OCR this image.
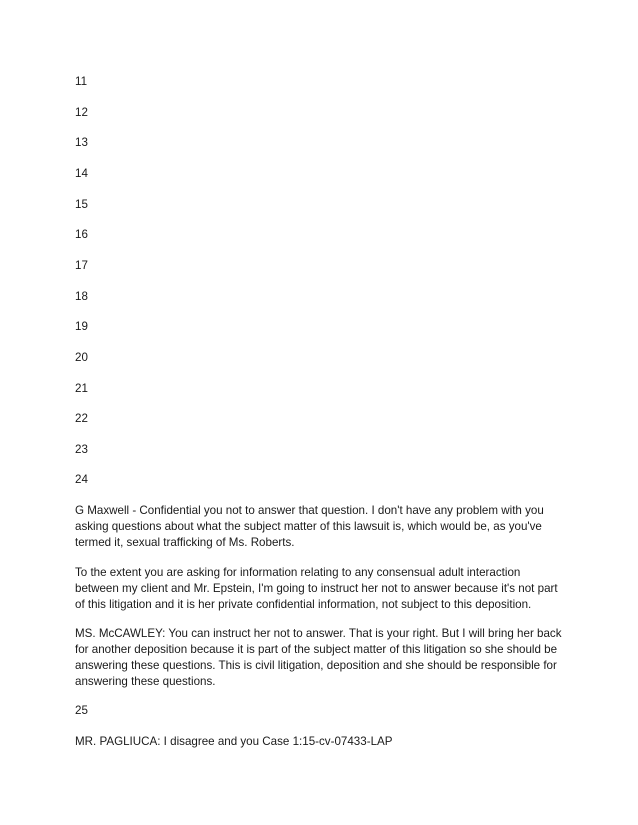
11
12
13
14
15
16
17
18
19
20
21
22
23
24
G Maxwell - Confidential you not to answer that question. I don't have any problem with you
asking questions about what the subject matter of this lawsuit is, which would be, as you've
termed it, sexual trafficking of Ms. Roberts.
To the extent you are asking for information relating to any consensual adult interaction
between my client and Mr. Epstein, I'm going to instruct her not to answer because it's not part
of this litigation and it is her private confidential information, not subject to this deposition.
MS. McCAWLEY: You can instruct her not to answer. That is your right. But I will bring her back
for another deposition because it is part of the subject matter of this litigation so she should be
answering these questions. This is civil litigation, deposition and she should be responsible for
answering these questions.
25
MR. PAGLIUCA: I disagree and you Case 1:15-cv-07433-LAP
